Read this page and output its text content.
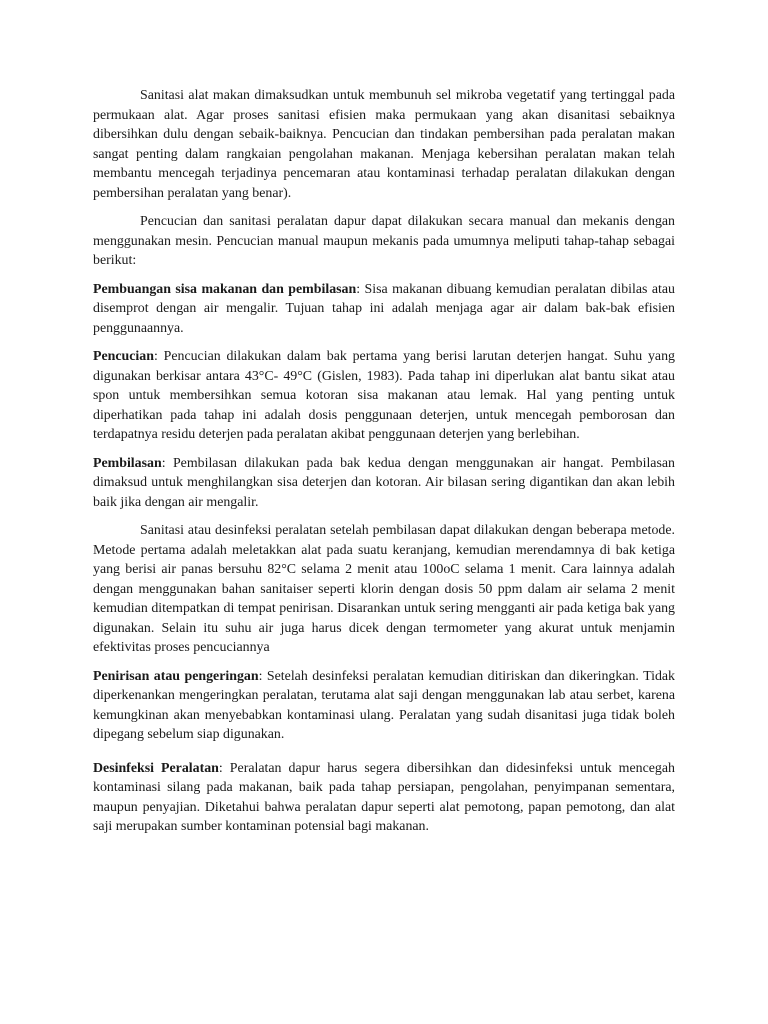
Sanitasi alat makan dimaksudkan untuk membunuh sel mikroba vegetatif yang tertinggal pada permukaan alat. Agar proses sanitasi efisien maka permukaan yang akan disanitasi sebaiknya dibersihkan dulu dengan sebaik-baiknya. Pencucian dan tindakan pembersihan pada peralatan makan sangat penting dalam rangkaian pengolahan makanan. Menjaga kebersihan peralatan makan telah membantu mencegah terjadinya pencemaran atau kontaminasi terhadap peralatan dilakukan dengan pembersihan peralatan yang benar).

Pencucian dan sanitasi peralatan dapur dapat dilakukan secara manual dan mekanis dengan menggunakan mesin. Pencucian manual maupun mekanis pada umumnya meliputi tahap-tahap sebagai berikut:

Pembuangan sisa makanan dan pembilasan: Sisa makanan dibuang kemudian peralatan dibilas atau disemprot dengan air mengalir. Tujuan tahap ini adalah menjaga agar air dalam bak-bak efisien penggunaannya.

Pencucian: Pencucian dilakukan dalam bak pertama yang berisi larutan deterjen hangat. Suhu yang digunakan berkisar antara 43°C- 49°C (Gislen, 1983). Pada tahap ini diperlukan alat bantu sikat atau spon untuk membersihkan semua kotoran sisa makanan atau lemak. Hal yang penting untuk diperhatikan pada tahap ini adalah dosis penggunaan deterjen, untuk mencegah pemborosan dan terdapatnya residu deterjen pada peralatan akibat penggunaan deterjen yang berlebihan.

Pembilasan: Pembilasan dilakukan pada bak kedua dengan menggunakan air hangat. Pembilasan dimaksud untuk menghilangkan sisa deterjen dan kotoran. Air bilasan sering digantikan dan akan lebih baik jika dengan air mengalir.

Sanitasi atau desinfeksi peralatan setelah pembilasan dapat dilakukan dengan beberapa metode. Metode pertama adalah meletakkan alat pada suatu keranjang, kemudian merendamnya di bak ketiga yang berisi air panas bersuhu 82°C selama 2 menit atau 100oC selama 1 menit. Cara lainnya adalah dengan menggunakan bahan sanitaiser seperti klorin dengan dosis 50 ppm dalam air selama 2 menit kemudian ditempatkan di tempat penirisan. Disarankan untuk sering mengganti air pada ketiga bak yang digunakan. Selain itu suhu air juga harus dicek dengan termometer yang akurat untuk menjamin efektivitas proses pencuciannya

Penirisan atau pengeringan: Setelah desinfeksi peralatan kemudian ditiriskan dan dikeringkan. Tidak diperkenankan mengeringkan peralatan, terutama alat saji dengan menggunakan lab atau serbet, karena kemungkinan akan menyebabkan kontaminasi ulang. Peralatan yang sudah disanitasi juga tidak boleh dipegang sebelum siap digunakan.

Desinfeksi Peralatan: Peralatan dapur harus segera dibersihkan dan didesinfeksi untuk mencegah kontaminasi silang pada makanan, baik pada tahap persiapan, pengolahan, penyimpanan sementara, maupun penyajian. Diketahui bahwa peralatan dapur seperti alat pemotong, papan pemotong, dan alat saji merupakan sumber kontaminan potensial bagi makanan.
